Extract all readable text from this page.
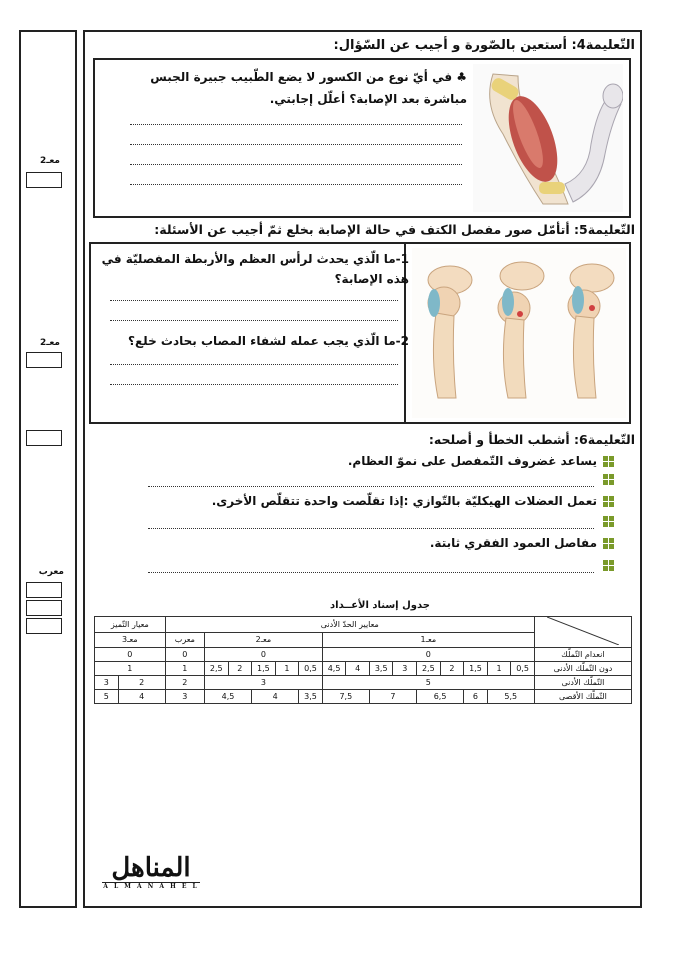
معـ2
معـ2
معرب
التّعليمة4: أستعين بالصّورة و أجيب عن السّؤال:
♣ في أيّ نوع من الكسور لا يضع الطّبيب جبيرة الجبس
مباشرة بعد الإصابة؟ أعلّل إجابتي.
التّعليمة5: أتأمّل صور مفصل الكتف في حالة الإصابة بخلع ثمّ أجيب عن الأسئلة:
1-ما الّذي يحدث لرأس العظم والأربطة المفصليّة في
هذه الإصابة؟
2-ما الّذي يجب عمله لشفاء المصاب بحادث خلع؟
التّعليمة6: أشطب الخطأ و أصلحه:
يساعد غضروف التّمفصل على نموّ العظام.
تعمل العضلات الهيكليّة بالتّوازي :إذا تقلّصت واحدة تتقلّص الأخرى.
مفاصل العمود الفقري ثابتة.
جدول إسناد الأعــداد
معيار التّميز		معايير الحدّ الأدنى	
معـ3		معرب	معـ2					معـ1									
0		0	0					0									انعدام التّملّك
1		1	2,5	2	1,5	1	0,5	4,5	4	3,5	3	2,5	2	1,5	1	0,5	دون التّملّك الأدنى
3	2	2	3					5									التّملّك الأدنى
5	4	3	4,5		4		3,5	7,5		7		6,5		6	5,5		التّملّك الأقصى
المناهل
A L M A N A H E L
